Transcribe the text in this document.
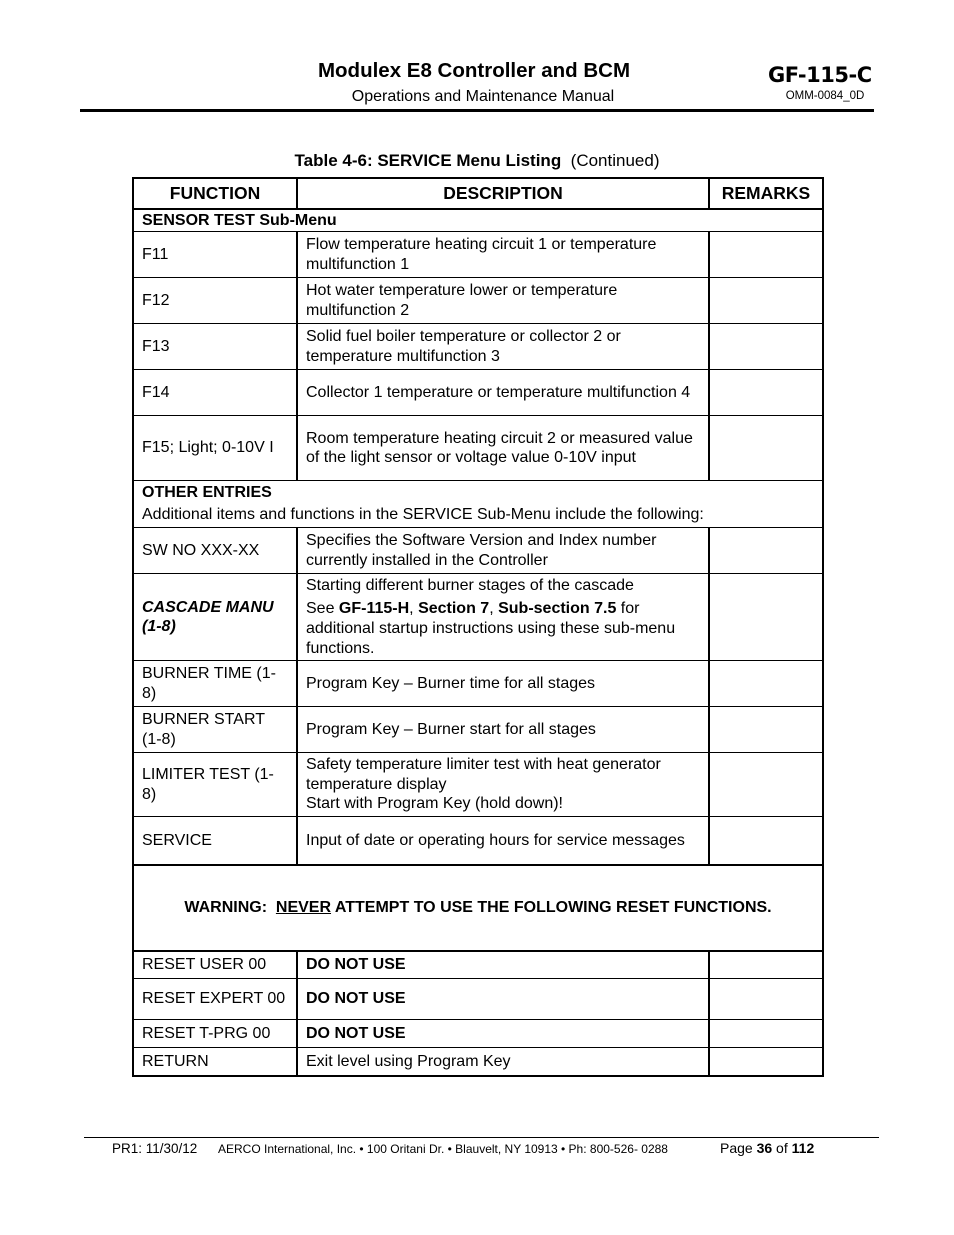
Modulex E8 Controller and BCM
Operations and Maintenance Manual
GF-115-C
OMM-0084_0D
Table 4-6: SERVICE Menu Listing (Continued)
FUNCTION	DESCRIPTION	REMARKS

SENSOR TEST Sub-Menu		

F11	Flow temperature heating circuit 1 or temperature multifunction 1	
F12	Hot water temperature lower or temperature multifunction 2	
F13	Solid fuel boiler temperature or collector 2 or temperature multifunction 3	
F14	Collector 1 temperature or temperature multifunction 4	
F15; Light; 0-10V I	Room temperature heating circuit 2 or measured value of the light sensor or voltage value 0-10V input	

OTHER ENTRIES
Additional items and functions in the SERVICE Sub-Menu include the following:		
SW NO XXX-XX	Specifies the Software Version and Index number currently installed in the Controller	
CASCADE MANU (1-8)	Starting different burner stages of the cascade
See GF-115-H, Section 7, Sub-section 7.5 for additional startup instructions using these sub-menu functions.	
BURNER TIME (1-8)	Program Key – Burner time for all stages	
BURNER START (1-8)	Program Key – Burner start for all stages	
LIMITER TEST (1-8)	Safety temperature limiter test with heat generator temperature display
Start with Program Key (hold down)!	

SERVICE	Input of date or operating hours for service messages	
WARNING:  NEVER ATTEMPT TO USE THE FOLLOWING RESET FUNCTIONS.		
RESET USER 00	DO NOT USE	
RESET EXPERT 00	DO NOT USE	
RESET T-PRG 00	DO NOT USE	
RETURN	Exit level using Program Key	
PR1: 11/30/12 AERCO International, Inc. • 100 Oritani Dr. • Blauvelt, NY 10913 • Ph: 800-526- 0288	Page 36 of 112
